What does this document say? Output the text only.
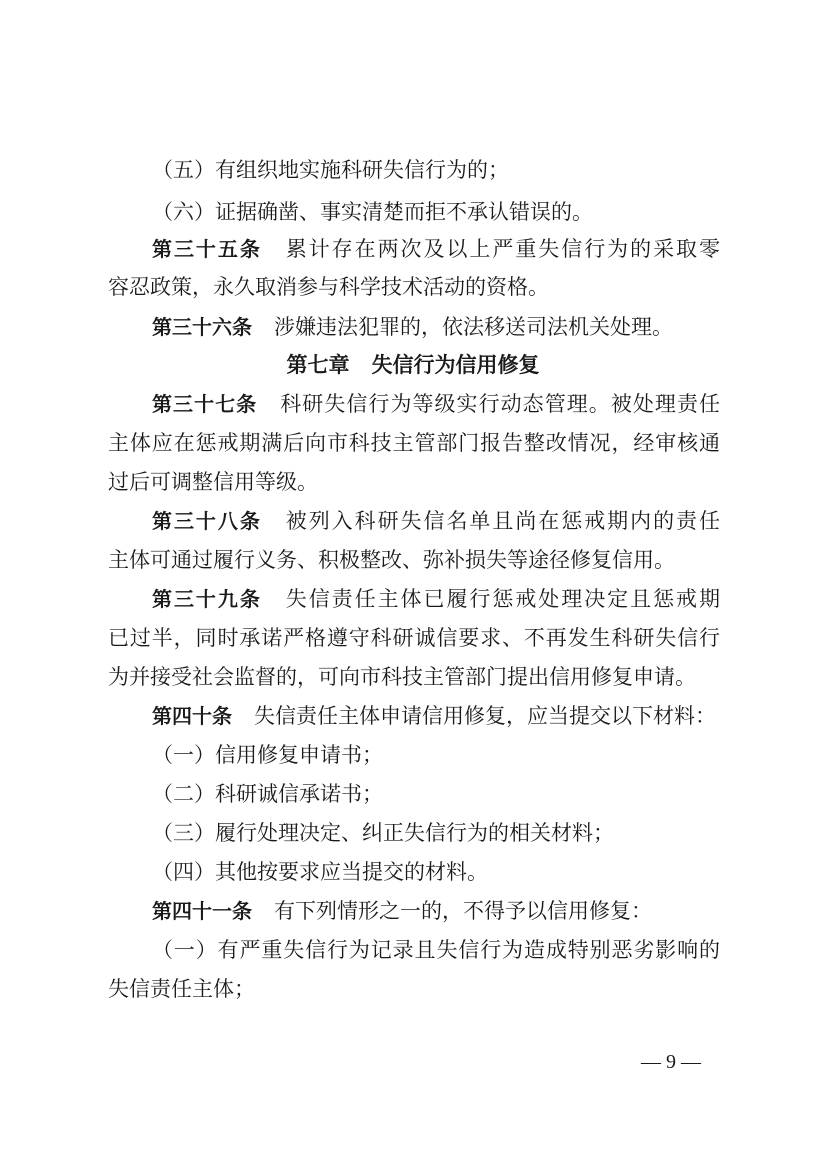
（五）有组织地实施科研失信行为的；
（六）证据确凿、事实清楚而拒不承认错误的。
第三十五条 累计存在两次及以上严重失信行为的采取零
容忍政策，永久取消参与科学技术活动的资格。
第三十六条 涉嫌违法犯罪的，依法移送司法机关处理。
第七章 失信行为信用修复
第三十七条 科研失信行为等级实行动态管理。被处理责任
主体应在惩戒期满后向市科技主管部门报告整改情况，经审核通
过后可调整信用等级。
第三十八条 被列入科研失信名单且尚在惩戒期内的责任
主体可通过履行义务、积极整改、弥补损失等途径修复信用。
第三十九条 失信责任主体已履行惩戒处理决定且惩戒期
已过半，同时承诺严格遵守科研诚信要求、不再发生科研失信行
为并接受社会监督的，可向市科技主管部门提出信用修复申请。
第四十条 失信责任主体申请信用修复，应当提交以下材料：
（一）信用修复申请书；
（二）科研诚信承诺书；
（三）履行处理决定、纠正失信行为的相关材料；
（四）其他按要求应当提交的材料。
第四十一条 有下列情形之一的，不得予以信用修复：
（一）有严重失信行为记录且失信行为造成特别恶劣影响的
失信责任主体；
— 9 —
